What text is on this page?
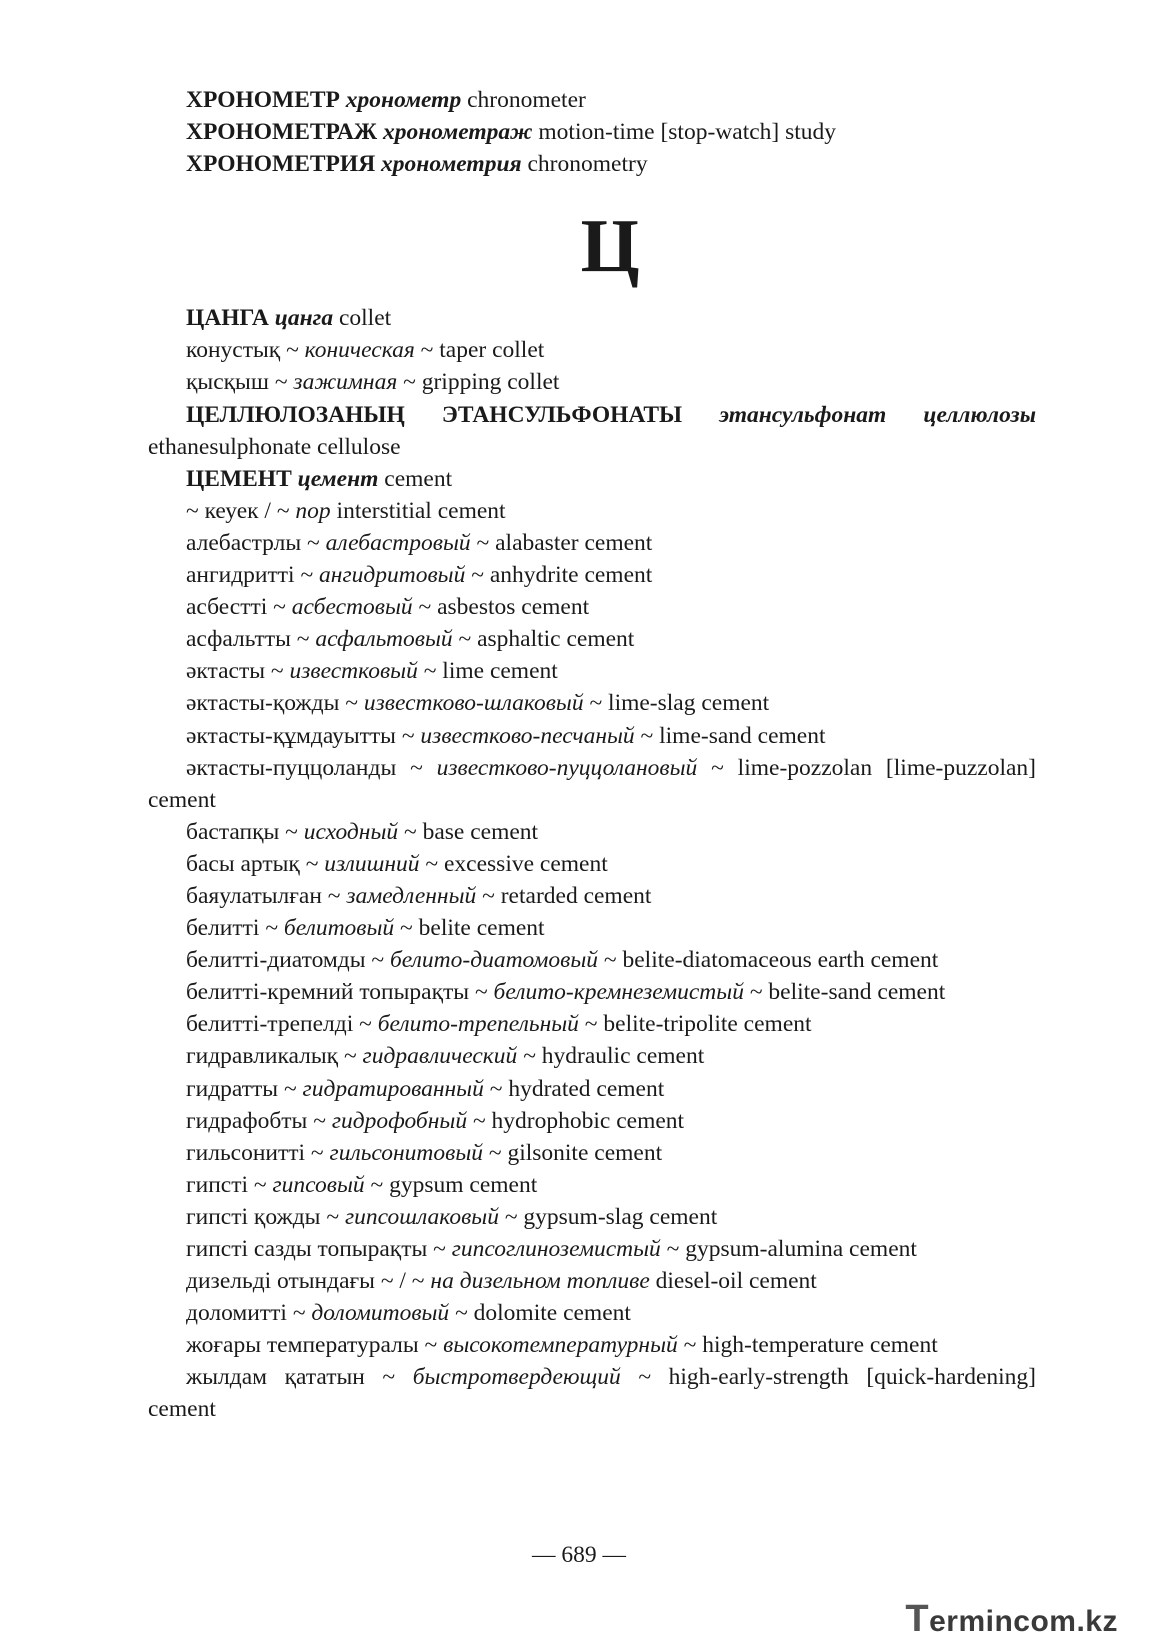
ХРОНОМЕТР хронометр chronometer

ХРОНОМЕТРАЖ хронометраж motion-time [stop-watch] study

ХРОНОМЕТРИЯ хронометрия chronometry

Ц

ЦАНГА цанга collet

конустық ~ коническая ~ taper collet

қысқыш ~ зажимная ~ gripping collet

ЦЕЛЛЮЛОЗАНЫҢ ЭТАНСУЛЬФОНАТЫ этансульфонат целлюлозы ethanesulphonate cellulose

ЦЕМЕНТ цемент cement

~ кеуек / ~ пор interstitial cement

алебастрлы ~ алебастровый ~ alabaster cement

ангидритті ~ ангидритовый ~ anhydrite cement

асбестті ~ асбестовый ~ asbestos cement

асфальтты ~ асфальтовый ~ asphaltic cement

әктасты ~ известковый ~ lime cement

әктасты-қожды ~ известково-шлаковый ~ lime-slag cement

әктасты-құмдауытты ~ известково-песчаный ~ lime-sand cement

әктасты-пуццоланды ~ известково-пуццолановый ~ lime-pozzolan [lime-puzzolan] cement

бастапқы ~ исходный ~ base cement

басы артық ~ излишний ~ excessive cement

баяулатылған ~ замедленный ~ retarded cement

белитті ~ белитовый ~ belite cement

белитті-диатомды ~ белито-диатомовый ~ belite-diatomaceous earth cement

белитті-кремний топырақты ~ белито-кремнеземистый ~ belite-sand cement

белитті-трепелді ~ белито-трепельный ~ belite-tripolite cement

гидравликалық ~ гидравлический ~ hydraulic cement

гидратты ~ гидратированный ~ hydrated cement

гидрафобты ~ гидрофобный ~ hydrophobic cement

гильсонитті ~ гильсонитовый ~ gilsonite cement

гипсті ~ гипсовый ~ gypsum cement

гипсті қожды ~ гипсошлаковый ~ gypsum-slag cement

гипсті сазды топырақты ~ гипсоглиноземистый ~ gypsum-alumina cement

дизельді отындағы ~ / ~ на дизельном топливе diesel-oil cement

доломитті ~ доломитовый ~ dolomite cement

жоғары температуралы ~ высокотемпературный ~ high-temperature cement

жылдам қататын ~ быстротвердеющий ~ high-early-strength [quick-hardening] cement

— 689 —
Termincom.kz
